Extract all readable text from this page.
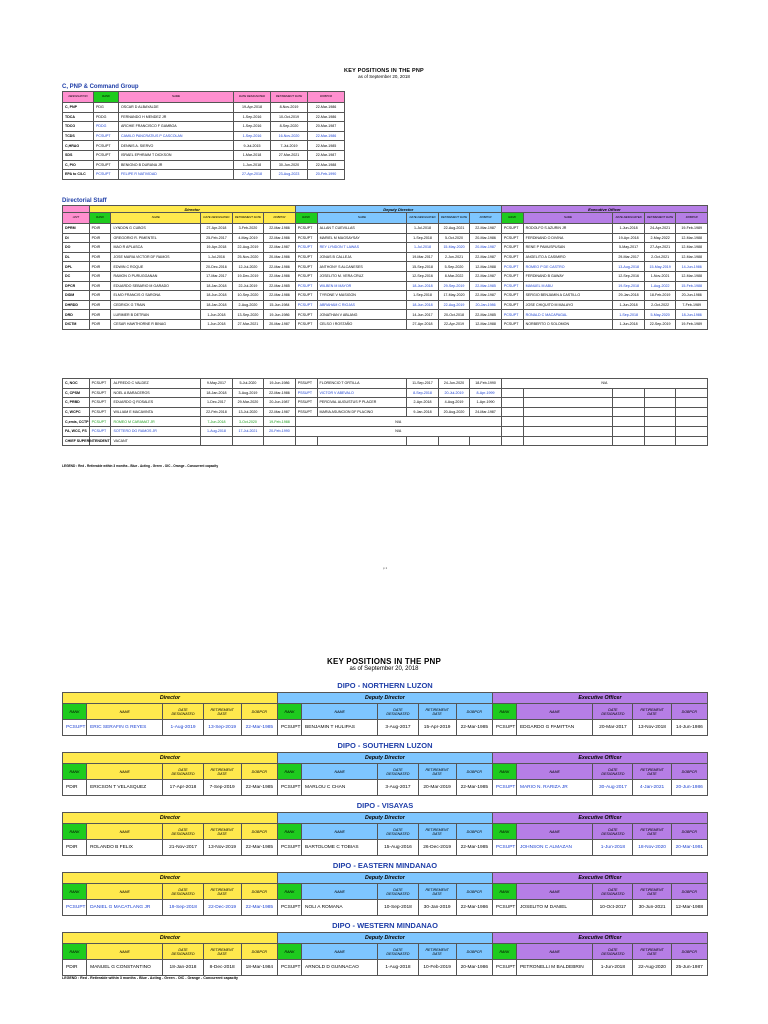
KEY POSITIONS IN THE PNP
as of September 20, 2018
C, PNP & Command Group
DESIGNATION	RANK	NAME	DATE DESIGNATED	RETIREMENT DATE	DOBPCR
C, PNP	PDG	OSCAR D ALBAYALDE	19-Apr-2018	8-Nov-2019	22-Mar-1986
TDCA	PDDG	FERNANDO H MENDEZ JR	1-Sep-2016	10-Oct-2019	22-Mar-1986
TDCO	PDDG	ARCHIE FRANCISCO F GAMBOA	1-Sep-2016	8-Sep-2020	20-Mar-1987
TCDS	PCSUPT	CAMILO PANCRATIUS P CASCOLAN	1-Sep-2016	16-Nov-2020	22-Mar-1986
C,HRAO	PCSUPT	DENNIS A. SIERVO	9-Jul-2015	7-Jul-2019	22-Mar-1985
SDS	PCSUPT	ISRAEL EPHRAIM T DICKSON	1-Mar-2018	27-Mar-2021	22-Mar-1987
C, PIO	PCSUPT	BENIGNO B DURANA JR	1-Jun-2018	30-Jun-2020	22-Mar-1988
EPA to C/LC	PCSUPT	FELIPE R NATIVIDAD	27-Apr-2018	23-Aug-2023	20-Feb-1990
Directorial Staff
	Director					Deputy Director					Executive Officer				
UNIT	RANK	NAME	DATE DESIGNATED	RETIREMENT DATE	DOBPCR	RANK	NAME	DATE DESIGNATED	RETIREMENT DATE	DOBPCR	RANK	NAME	DATE DESIGNATED	RETIREMENT DATE	DOBPCR
DPRM	PDIR	LYNDON G CUBOS	27-Apr-2018	3-Feb-2020	22-Mar-1986	PCSUPT	ALLAN T CUEVILLAS	1-Jul-2018	22-Aug-2021	22-Mar-1987	PCSUPT	RODOLFO S AZURIN JR	1-Jun-2018	24-Apr-2021	19-Feb-1989
DI	PDIR	GREGORIO R. PIMENTEL	25-Feb-2017	4-May-2019	22-Mar-1986	PCSUPT	MARIEL M MAGSAYSAY	1-Sep-2018	5-Oct-2020	20-Mar-1986	PCSUPT	FERDINAND O DIVINA	19-Apr-2018	2-May-2022	12-Mar-1988
DO	PDIR	MAO R APLASCA	19-Apr-2018	22-Aug-2019	22-Mar-1987	PCSUPT	REY LYNDON T LAWAS	1-Jul-2018	15-May-2020	20-Mar-1987	PCSUPT	RENE P PAMUSPUSAN	5-May-2017	27-Apr-2021	12-Mar-1988
DL	PDIR	JOSE MARIA VICTOR DF RAMOS	1-Jul-2016	25-Nov-2020	20-Mar-1986	PCSUPT	JONAS B CALLEJA	19-Mar-2017	2-Jun-2021	22-Mar-1987	PCSUPT	ANGELITO A CASIMIRO	29-Mar-2017	2-Oct-2021	12-Mar-1988
DPL	PDIR	EDWIN C ROQUE	20-Dec-2016	12-Jul-2020	22-Mar-1986	PCSUPT	ANTHONY S ALCANESES	15-Sep-2018	5-Sep-2020	12-Mar-1988	PCSUPT	ROMEO P DE CASTRO	13-Aug-2018	15-May-2019	14-Jun-1986
DC	PDIR	RAMON O PURUGGANAN	17-Mar-2017	19-Dec-2019	22-Mar-1986	PCSUPT	JOSELITO M. VERA CRUZ	12-Sep-2016	8-Mar-2022	22-Mar-1987	PCSUPT	FERDINAND B GAWAY	12-Sep-2016	1-Nov-2021	12-Mar-1988
DPCR	PDIR	EDUARDO SEBARIO M GARADO	18-Jan-2018	22-Jul-2019	22-Mar-1985	PCSUPT	WILBEN M MAYOR	18-Jun-2018	29-Sep-2019	22-Mar-1985	PCSUPT	MANUEL M ABU	19-Sep-2018	1-Aug-2022	15-Feb-1988
DIDM	PDIR	ELMO FRANCIS O SARONA	18-Jun-2018	10-Sep-2020	22-Mar-1986	PCSUPT	TYRONE V MASIGON	1-Sep-2018	17-May-2020	22-Mar-1987	PCSUPT	SERGIO BENJAMIN A CASTILLO	29-Jan-2018	18-Feb-2019	20-Jun-1986
DHRDD	PDIR	CEDRICK G TRAIN	18-Jan-2018	2-Aug-2020	15-Jun-1984	PCSUPT	ABRAHAM C RIOJAS	18-Jun-2018	22-Aug-2019	20-Jan-1986	PCSUPT	JOSE CHIQUITO M MALAYO	1-Jun-2018	2-Oct-2022	7-Feb-1989
DRD	PDIR	LURIMER B DETRAN	1-Jun-2018	13-Sep-2020	19-Jun-1986	PCSUPT	JONATHAN V ABLANG	14-Jun-2017	20-Oct-2018	22-Mar-1985	PCSUPT	RONALD C MACAPAGAL	1-Sep-2018	5-May-2020	18-Jun-1986
DICTM	PDIR	CESAR HAWTHORNE R BINAG	1-Jun-2018	27-Mar-2021	20-Mar-1987	PCSUPT	CELSO I ROSTAÑO	27-Apr-2018	22-Apr-2019	12-Mar-1988	PCSUPT	NORBERTO O SOLOMON	1-Jun-2018	22-Sep-2019	19-Feb-1989
C, NOC	PCSUPT	ALFREDO C VALDEZ	9-May-2017	5-Jul-2020	19-Jun-1986	PSSUPT	FLORENCIO T ORTILLA	11-Sep-2017	24-Jun-2020	18-Feb-1990	N/A				
C, CPSM	PCSUPT	NOEL A BARACEROS	18-Jan-2018	3-Aug-2019	22-Mar-1986	PSSUPT	VICTOR V ABEVALO	8-Sep-2018	20-Jul-2019	8-Apr-1999					
C, PRBD	PCSUPT	EDUARDO Q ROSALES	1-Dec-2017	29-Mar-2020	20-Jun-1987	PSSUPT	PERCIVAL AUGUSTUS P PLACER	2-Apr-2018	4-Aug-2019	1-Apr-1990					
C, WCPC	PCSUPT	WILLIAM E MACAVINTA	22-Feb-2018	13-Jul-2020	22-Mar-1987	PSSUPT	MARIA ASUNCION DF PLACINO	9-Jan-2018	20-Aug-2020	24-Mar-1987					
C,emis, CCTP	PCSUPT	ROMEO M CARAMAT JR	7-Jun-2018	3-Oct-2020	19-Feb-1988	N/A									
FA, WCC, FS	PCSUPT	SOTTERO DG RAMOS JR	1-Aug-2018	17-Jul-2021	20-Feb-1990	N/A									
CHIEF SUPERINTENDENT		VACANT													
LEGEND : Red - Retireable within 3 months - Blue - Acting - Green - OIC - Orange - Concurrent capacity
p 1
KEY POSITIONS IN THE PNP
as of September 20, 2018
DIPO - NORTHERN LUZON
Director					Deputy Director					Executive Officer				
RANK	NAME	DATE DESIGNATED	RETIREMENT DATE	DOBPCR	RANK	NAME	DATE DESIGNATED	RETIREMENT DATE	DOBPCR	RANK	NAME	DATE DESIGNATED	RETIREMENT DATE	DOBPCR
PCSUPT	ERIC SERAFIN G REYES	1-Aug-2019	13-Sep-2019	22-Mar-1985	PCSUPT	BENJAMIN T HULIPAS	3-Aug-2017	15-Apr-2019	22-Mar-1985	PCSUPT	EDGARDO G PAMITTAN	20-Mar-2017	13-Nov-2018	14-Jun-1986
DIPO - SOUTHERN LUZON
Director					Deputy Director					Executive Officer				
RANK	NAME	DATE DESIGNATED	RETIREMENT DATE	DOBPCR	RANK	NAME	DATE DESIGNATED	RETIREMENT DATE	DOBPCR	RANK	NAME	DATE DESIGNATED	RETIREMENT DATE	DOBPCR
PDIR	ERICSON T VELASQUEZ	17-Apr-2018	7-Sep-2019	22-Mar-1985	PCSUPT	MARLOU C CHAN	3-Aug-2017	20-Mar-2019	22-Mar-1985	PCSUPT	MARIO N. RARIZA JR	30-Aug-2017	4-Jan-2021	20-Jun-1986
DIPO - VISAYAS
Director					Deputy Director					Executive Officer				
RANK	NAME	DATE DESIGNATED	RETIREMENT DATE	DOBPCR	RANK	NAME	DATE DESIGNATED	RETIREMENT DATE	DOBPCR	RANK	NAME	DATE DESIGNATED	RETIREMENT DATE	DOBPCR
PDIR	ROLANDO B FELIX	21-Nov-2017	13-Nov-2019	22-Mar-1985	PCSUPT	BARTOLOME C TOBIAS	15-Aug-2016	26-Dec-2019	22-Mar-1985	PCSUPT	JOHNSON C ALMAZAN	1-Jun-2018	18-Nov-2020	20-Mar-1991
DIPO - EASTERN MINDANAO
Director					Deputy Director					Executive Officer				
RANK	NAME	DATE DESIGNATED	RETIREMENT DATE	DOBPCR	RANK	NAME	DATE DESIGNATED	RETIREMENT DATE	DOBPCR	RANK	NAME	DATE DESIGNATED	RETIREMENT DATE	DOBPCR
PCSUPT	DANIEL G MACATLANG JR	19-Sep-2018	22-Dec-2019	22-Mar-1985	PCSUPT	NOLI A ROMANA	10-Sep-2018	30-Jan-2019	22-Mar-1986	PCSUPT	JOSELITO M DANIEL	10-Oct-2017	30-Jun-2021	12-Mar-1988
DIPO - WESTERN MINDANAO
Director					Deputy Director					Executive Officer				
RANK	NAME	DATE DESIGNATED	RETIREMENT DATE	DOBPCR	RANK	NAME	DATE DESIGNATED	RETIREMENT DATE	DOBPCR	RANK	NAME	DATE DESIGNATED	RETIREMENT DATE	DOBPCR
PDIR	MANUEL G CONSTANTINO	18-Jan-2018	8-Dec-2018	18-Mar-1984	PCSUPT	ARNOLD D GUNNACAO	1-Aug-2018	10-Feb-2019	20-Mar-1986	PCSUPT	PETRONELLI M BALDEBRIN	1-Jun-2018	22-Aug-2020	25-Jun-1987
LEGEND : Red - Retireable within 3 months - Blue - Acting - Green - OIC - Orange - Concurrent capacity
